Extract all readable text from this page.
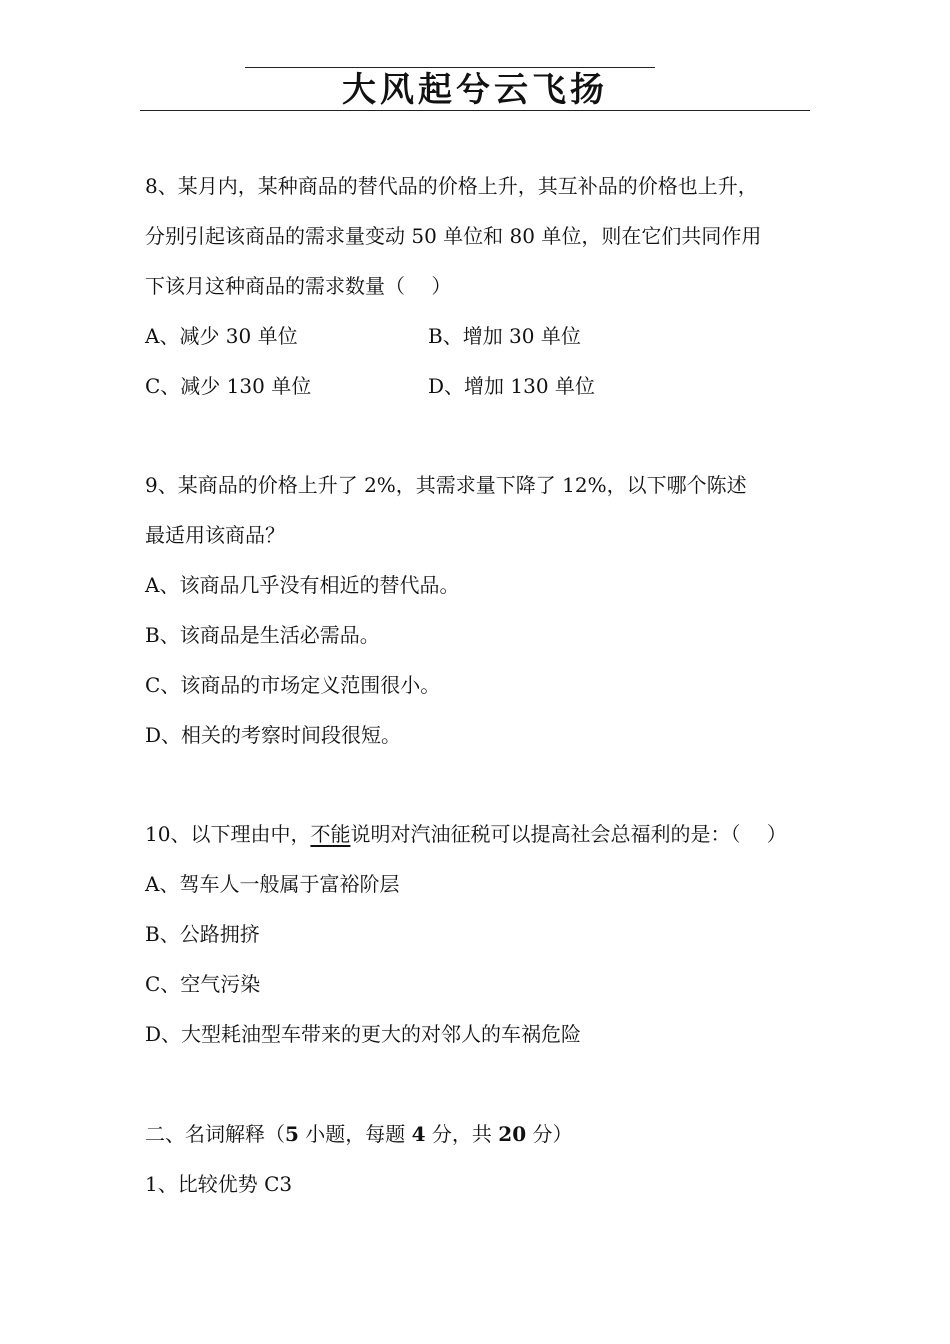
大风起兮云飞扬
8、某月内，某种商品的替代品的价格上升，其互补品的价格也上升，
分别引起该商品的需求量变动 50 单位和 80 单位，则在它们共同作用
下该月这种商品的需求数量（　 ）
A、减少 30 单位	B、增加 30 单位
C、减少 130 单位	D、增加 130 单位
9、某商品的价格上升了 2%，其需求量下降了 12%，以下哪个陈述
最适用该商品？
A、该商品几乎没有相近的替代品。
B、该商品是生活必需品。
C、该商品的市场定义范围很小。
D、相关的考察时间段很短。
10、以下理由中，不能说明对汽油征税可以提高社会总福利的是：（　 ）
A、驾车人一般属于富裕阶层
B、公路拥挤
C、空气污染
D、大型耗油型车带来的更大的对邻人的车祸危险
二、名词解释（5 小题，每题 4 分，共 20 分）
1、比较优势 C3
